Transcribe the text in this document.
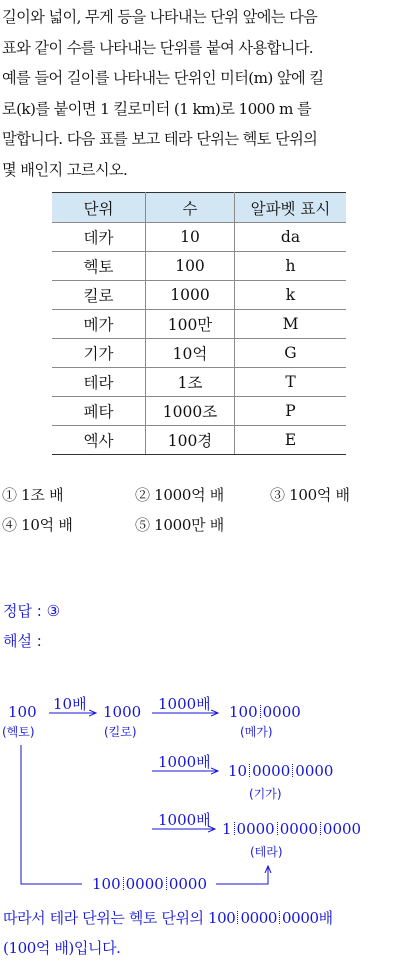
길이와 넓이, 무게 등을 나타내는 단위 앞에는 다음

표와 같이 수를 나타내는 단위를 붙여 사용합니다.

예를 들어 길이를 나타내는 단위인 미터(m) 앞에 킬

로(k)를 붙이면 1 킬로미터 (1 km)로 1000 m 를

말합니다. 다음 표를 보고 테라 단위는 헥토 단위의

몇 배인지 고르시오.

단위	수	알파벳 표시
데카	10	da
헥토	100	h
킬로	1000	k
메가	100만	M
기가	10억	G
테라	1조	T
페타	1000조	P
엑사	100경	E
① 1조 배	② 1000억 배	③ 100억 배
④ 10억 배	⑤ 1000만 배
정답 : ③
해설 :
100
(헥토)
10배 1000
(킬로)
1000배 100 0000
(메가)
1000배 10 0000 0000
(기가)
1000배 1 0000 0000 0000
(테라)
100 0000 0000

따라서 테라 단위는 헥토 단위의 100 0000 0000배

(100억 배)입니다.
